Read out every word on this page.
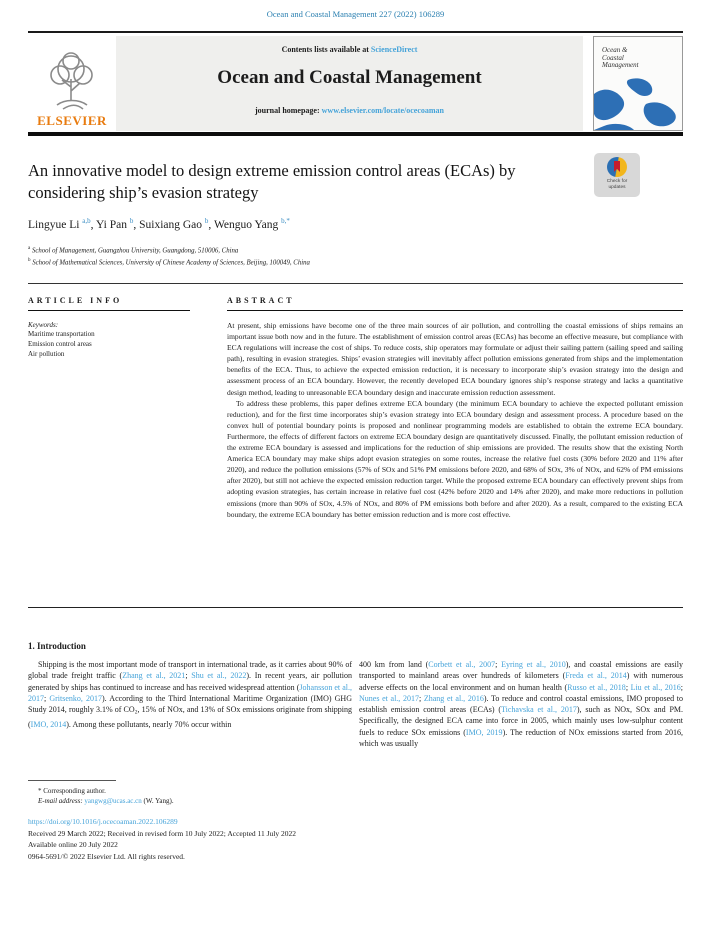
Ocean and Coastal Management 227 (2022) 106289
ELSEVIER
Contents lists available at ScienceDirect
Ocean and Coastal Management
journal homepage: www.elsevier.com/locate/ocecoaman
Ocean &
Coastal
Management
An innovative model to design extreme emission control areas (ECAs) by considering ship’s evasion strategy
Check for
updates
Lingyue Li $^{a,b}$, Yi Pan $^b$, Suixiang Gao $^b$, Wenguo Yang $^{b,*}$
$^a$ School of Management, Guangzhou University, Guangdong, 510006, China
$^b$ School of Mathematical Sciences, University of Chinese Academy of Sciences, Beijing, 100049, China
ARTICLE INFO
Keywords:
Maritime transportation
Emission control areas
Air pollution
ABSTRACT
At present, ship emissions have become one of the three main sources of air pollution, and controlling the coastal emissions of ships remains an important issue both now and in the future. The establishment of emission control areas (ECAs) has become an effective measure, but compliance with ECA regulations will increase the cost of ships. To reduce costs, ship operators may formulate or adjust their sailing pattern (sailing speed and sailing path), resulting in evasion strategies. Ships’ evasion strategies will inevitably affect pollution emissions generated from ships and the implementation benefits of the ECA. Thus, to achieve the expected emission reduction, it is necessary to incorporate ship’s evasion strategy into the design and assessment process of an ECA boundary. However, the recently developed ECA boundary ignores ship’s response strategy and lacks a quantitative design method, leading to unreasonable ECA boundary design and inaccurate emission reduction assessment.
To address these problems, this paper defines extreme ECA boundary (the minimum ECA boundary to achieve the expected pollutant emission reduction), and for the first time incorporates ship’s evasion strategy into ECA boundary design and assessment process. A procedure based on the convex hull of potential boundary points is proposed and nonlinear programming models are established to obtain the extreme ECA boundary. Furthermore, the effects of different factors on extreme ECA boundary design are quantitatively discussed. Finally, the pollutant emission reduction of the extreme ECA boundary is assessed and implications for the reduction of ship emissions are provided. The results show that the existing North America ECA boundary may make ships adopt evasion strategies on some routes, increase the relative fuel costs (30% before 2020 and 11% after 2020), and reduce the pollution emissions (57% of SOx and 51% PM emissions before 2020, and 68% of SOx, 3% of NOx, and 62% of PM emissions after 2020), but still not achieve the expected emission reduction target. While the proposed extreme ECA boundary can effectively prevent ships from adopting evasion strategies, has certain increase in relative fuel cost (42% before 2020 and 14% after 2020), and make more reductions in pollution emissions (more than 90% of SOx, 4.5% of NOx, and 80% of PM emissions both before and after 2020). As a result, compared to the existing ECA boundary, the extreme ECA boundary has better emission reduction and is more cost effective.
1. Introduction

Shipping is the most important mode of transport in international trade, as it carries about 90% of global trade freight traffic (Zhang et al., 2021; Shu et al., 2022). In recent years, air pollution generated by ships has continued to increase and has received widespread attention (Johansson et al., 2017; Gritsenko, 2017). According to the Third International Maritime Organization (IMO) GHG Study 2014, roughly 3.1% of $CO_2$, 15% of NOx, and 13% of SOx emissions originate from shipping (IMO, 2014). Among these pollutants, nearly 70% occur within

400 km from land (Corbett et al., 2007; Eyring et al., 2010), and coastal emissions are easily transported to mainland areas over hundreds of kilometers (Freda et al., 2014) with numerous adverse effects on the local environment and on human health (Russo et al., 2018; Liu et al., 2016; Nunes et al., 2017; Zhang et al., 2016). To reduce and control coastal emissions, IMO proposed to establish emission control areas (ECAs) (Tichavska et al., 2017), such as NOx, SOx and PM. Specifically, the designed ECA came into force in 2005, which mainly uses low-sulphur content fuels to reduce SOx emissions (IMO, 2019). The reduction of NOx emissions started from 2016, which was usually

* Corresponding author.
E-mail address: yangwg@ucas.ac.cn (W. Yang).
https://doi.org/10.1016/j.ocecoaman.2022.106289
Received 29 March 2022; Received in revised form 10 July 2022; Accepted 11 July 2022
Available online 20 July 2022
0964-5691/© 2022 Elsevier Ltd. All rights reserved.
